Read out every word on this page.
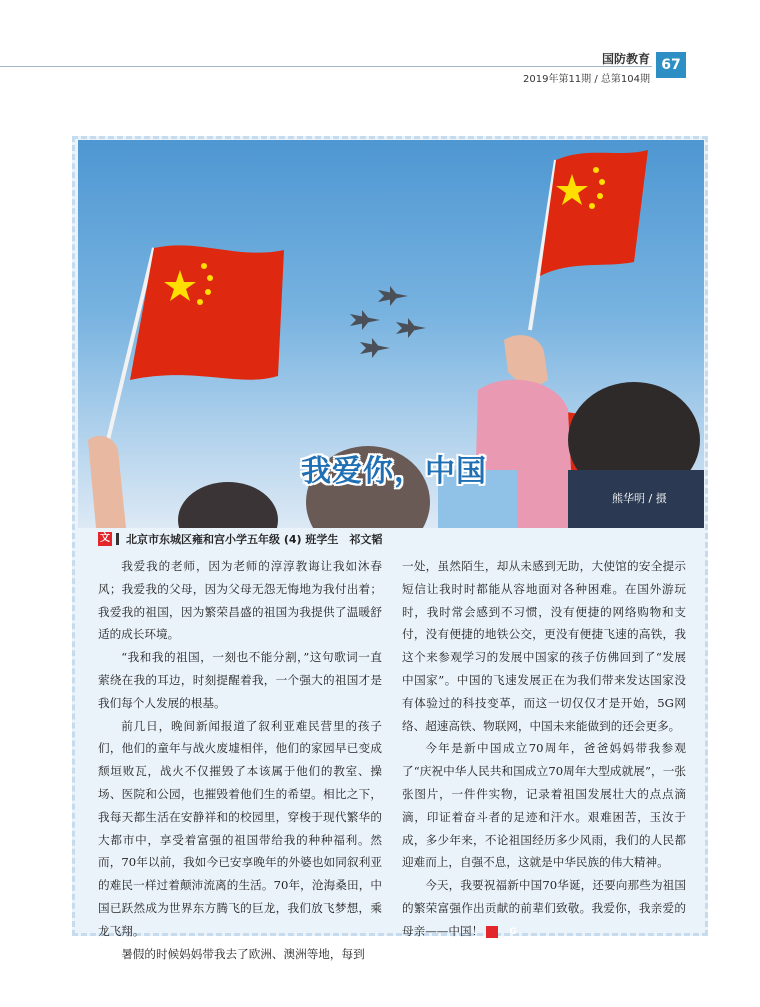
国防教育 67
2019年第11期 / 总第104期
我爱你，中国
熊华明 / 摄
文 北京市东城区雍和宫小学五年级 (4) 班学生　祁文韬

我爱我的老师，因为老师的淳淳教诲让我如沐春风；我爱我的父母，因为父母无怨无悔地为我付出着；我爱我的祖国，因为繁荣昌盛的祖国为我提供了温暖舒适的成长环境。

“我和我的祖国，一刻也不能分割，”这句歌词一直萦绕在我的耳边，时刻提醒着我，一个强大的祖国才是我们每个人发展的根基。

前几日，晚间新闻报道了叙利亚难民营里的孩子们，他们的童年与战火废墟相伴，他们的家园早已变成颓垣败瓦，战火不仅摧毁了本该属于他们的教室、操场、医院和公园，也摧毁着他们生的希望。相比之下，我每天都生活在安静祥和的校园里，穿梭于现代繁华的大都市中，享受着富强的祖国带给我的种种福利。然而，70年以前，我如今已安享晚年的外婆也如同叙利亚的难民一样过着颠沛流离的生活。70年，沧海桑田，中国已跃然成为世界东方腾飞的巨龙，我们放飞梦想，乘龙飞翔。

暑假的时候妈妈带我去了欧洲、澳洲等地，每到

一处，虽然陌生，却从未感到无助，大使馆的安全提示短信让我时时都能从容地面对各种困难。在国外游玩时，我时常会感到不习惯，没有便捷的网络购物和支付，没有便捷的地铁公交，更没有便捷飞速的高铁，我这个来参观学习的发展中国家的孩子仿佛回到了“发展中国家”。中国的飞速发展正在为我们带来发达国家没有体验过的科技变革，而这一切仅仅才是开始，5G网络、超速高铁、物联网，中国未来能做到的还会更多。

今年是新中国成立70周年，爸爸妈妈带我参观了“庆祝中华人民共和国成立70周年大型成就展”，一张张图片，一件件实物，记录着祖国发展壮大的点点滴滴，印证着奋斗者的足迹和汗水。艰难困苦，玉汝于成，多少年来，不论祖国经历多少风雨，我们的人民都迎难而上，自强不息，这就是中华民族的伟大精神。

今天，我要祝福新中国70华诞，还要向那些为祖国的繁荣富强作出贡献的前辈们致敬。我爱你，我亲爱的母亲——中国！	G
